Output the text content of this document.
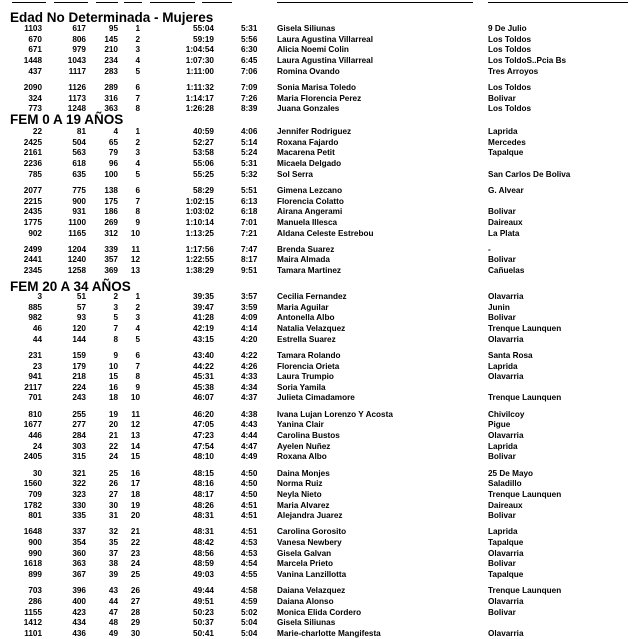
Edad No Determinada - Mujeres
1103	617	95 1	55:04	5:31 Gisela Siliunas	9 De Julio
670	806 145 2	59:19	5:56 Laura Agustina Villarreal	Los Toldos
671	979 210 3	1:04:54	6:30 Alicia Noemi Colin	Los Toldos
1448	1043 234 4	1:07:30	6:45 Laura Agustina Villarreal	Los ToldoS..Pcia Bs
437	1117 283 5	1:11:00	7:06 Romina Ovando	Tres Arroyos
2090	1126 289 6	1:11:32	7:09 Sonia Marisa Toledo	Los Toldos
324	1173 316 7	1:14:17	7:26 Maria Florencia Perez	Bolivar
773	1248 363 8	1:26:28	8:39 Juana Gonzales	Los Toldos
FEM 0 A 19 AÑOS
22	81	4 1	40:59	4:06 Jennifer Rodriguez	Laprida
2425	504	65 2	52:27	5:14 Roxana Fajardo	Mercedes
2161	563	79 3	53:58	5:24 Macarena Petit	Tapalque
2236	618	96 4	55:06	5:31 Micaela Delgado
785	635 100 5	55:25	5:32 Sol Serra	San Carlos De Boliva
2077	775 138 6	58:29	5:51 Gimena Lezcano	G. Alvear
2215	900 175 7	1:02:15	6:13 Florencia Colatto
2435	931 186 8	1:03:02	6:18 Airana Angerami	Bolivar
1775	1100 269 9	1:10:14	7:01 Manuela Illesca	Daireaux
902	1165 312 10	1:13:25	7:21 Aldana Celeste Estrebou	La Plata
2499	1204 339 11	1:17:56	7:47 Brenda Suarez	-
2441	1240 357 12	1:22:55	8:17 Maira Almada	Bolivar
2345	1258 369 13	1:38:29	9:51 Tamara Martinez	Cañuelas
FEM 20 A 34 AÑOS
3	51	2 1	39:35	3:57 Cecilia Fernandez	Olavarria
885	57	3 2	39:47	3:59 Maria Aguilar	Junin
982	93	5 3	41:28	4:09 Antonella Albo	Bolivar
46	120	7 4	42:19	4:14 Natalia Velazquez	Trenque Launquen
44	144	8 5	43:15	4:20 Estrella Suarez	Olavarria
231	159	9 6	43:40	4:22 Tamara Rolando	Santa Rosa
23	179	10 7	44:22	4:26 Florencia Orieta	Laprida
941	218	15 8	45:31	4:33 Laura Trumpio	Olavarria
2117	224	16 9	45:38	4:34 Soria Yamila
701	243	18 10	46:07	4:37 Julieta Cimadamore	Trenque Launquen
810	255	19 11	46:20	4:38 Ivana Lujan Lorenzo Y Acosta	Chivilcoy
1677	277	20 12	47:05	4:43 Yanina Clair	Pigue
446	284	21 13	47:23	4:44 Carolina Bustos	Olavarria
24	303	22 14	47:54	4:47 Ayelen Nuñez	Laprida
2405	315	24 15	48:10	4:49 Roxana Albo	Bolivar
30	321	25 16	48:15	4:50 Daina Monjes	25 De Mayo
1560	322	26 17	48:16	4:50 Norma Ruiz	Saladillo
709	323	27 18	48:17	4:50 Neyla Nieto	Trenque Launquen
1782	330	30 19	48:26	4:51 Maria Alvarez	Daireaux
801	335	31 20	48:31	4:51 Alejandra Juarez	Bolivar
1648	337	32 21	48:31	4:51 Carolina Gorosito	Laprida
900	354	35 22	48:42	4:53 Vanesa Newbery	Tapalque
990	360	37 23	48:56	4:53 Gisela Galvan	Olavarria
1618	363	38 24	48:59	4:54 Marcela Prieto	Bolivar
899	367	39 25	49:03	4:55 Vanina Lanzillotta	Tapalque
703	396	43 26	49:44	4:58 Daiana Velazquez	Trenque Launquen
286	400	44 27	49:51	4:59 Daiana Alonso	Olavarria
1155	423	47 28	50:23	5:02 Monica Elida Cordero	Bolivar
1412	434	48 29	50:37	5:04 Gisela Siliunas
1101	436	49 30	50:41	5:04 Marie-charlotte Mangifesta	Olavarria
